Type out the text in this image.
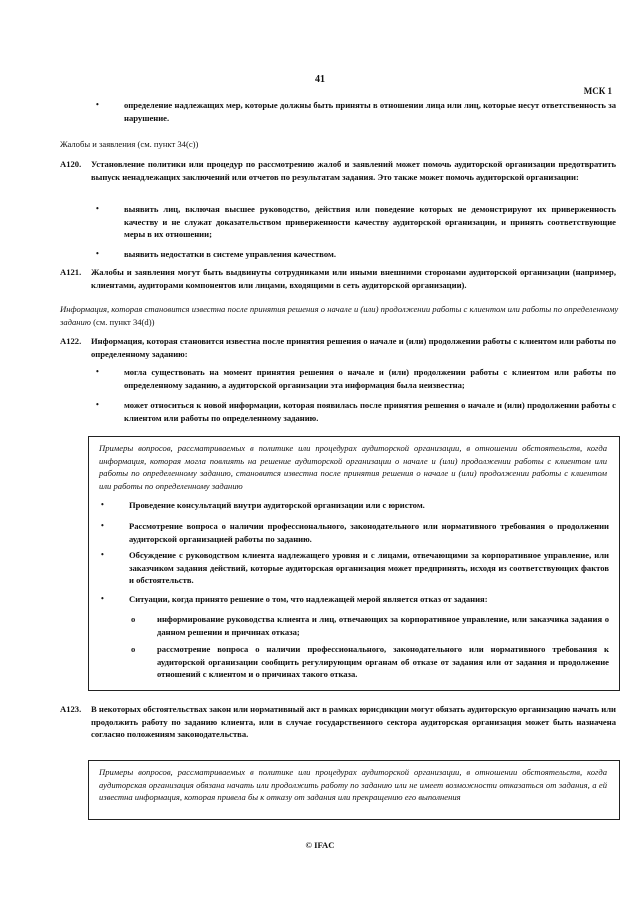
41
МСК 1
•	определение надлежащих мер, которые должны быть приняты в отношении лица или лиц, которые несут ответственность за нарушение.
Жалобы и заявления (см. пункт 34(c))
A120. Установление политики или процедур по рассмотрению жалоб и заявлений может помочь аудиторской организации предотвратить выпуск ненадлежащих заключений или отчетов по результатам задания. Это также может помочь аудиторской организации:
•	выявить лиц, включая высшее руководство, действия или поведение которых не демонстрируют их приверженность качеству и не служат доказательством приверженности качеству аудиторской организации, и принять соответствующие меры в их отношении;
•	выявить недостатки в системе управления качеством.
A121. Жалобы и заявления могут быть выдвинуты сотрудниками или иными внешними сторонами аудиторской организации (например, клиентами, аудиторами компонентов или лицами, входящими в сеть аудиторской организации).
Информация, которая становится известна после принятия решения о начале и (или) продолжении работы с клиентом или работы по определенному заданию (см. пункт 34(d))
A122. Информация, которая становится известна после принятия решения о начале и (или) продолжении работы с клиентом или работы по определенному заданию:
•	могла существовать на момент принятия решения о начале и (или) продолжении работы с клиентом или работы по определенному заданию, а аудиторской организации эта информация была неизвестна;
•	может относиться к новой информации, которая появилась после принятия решения о начале и (или) продолжении работы с клиентом или работы по определенному заданию.
Примеры вопросов, рассматриваемых в политике или процедурах аудиторской организации, в отношении обстоятельств, когда информация, которая могла повлиять на решение аудиторской организации о начале и (или) продолжении работы с клиентом или работы по определенному заданию, становится известна после принятия решения о начале и (или) продолжении работы с клиентом или работы по определенному заданию
•	Проведение консультаций внутри аудиторской организации или с юристом.
•	Рассмотрение вопроса о наличии профессионального, законодательного или нормативного требования о продолжении аудиторской организацией работы по заданию.
•	Обсуждение с руководством клиента надлежащего уровня и с лицами, отвечающими за корпоративное управление, или заказчиком задания действий, которые аудиторская организация может предпринять, исходя из соответствующих фактов и обстоятельств.
•	Ситуации, когда принято решение о том, что надлежащей мерой является отказ от задания:
o	информирование руководства клиента и лиц, отвечающих за корпоративное управление, или заказчика задания о данном решении и причинах отказа;
o	рассмотрение вопроса о наличии профессионального, законодательного или нормативного требования к аудиторской организации сообщить регулирующим органам об отказе от задания или от задания и продолжение отношений с клиентом и о причинах такого отказа.
A123. В некоторых обстоятельствах закон или нормативный акт в рамках юрисдикции могут обязать аудиторскую организацию начать или продолжить работу по заданию клиента, или в случае государственного сектора аудиторская организация может быть назначена согласно положениям законодательства.
Примеры вопросов, рассматриваемых в политике или процедурах аудиторской организации, в отношении обстоятельств, когда аудиторская организация обязана начать или продолжить работу по заданию или не имеет возможности отказаться от задания, а ей известна информация, которая привела бы к отказу от задания или прекращению его выполнения
© IFAC
